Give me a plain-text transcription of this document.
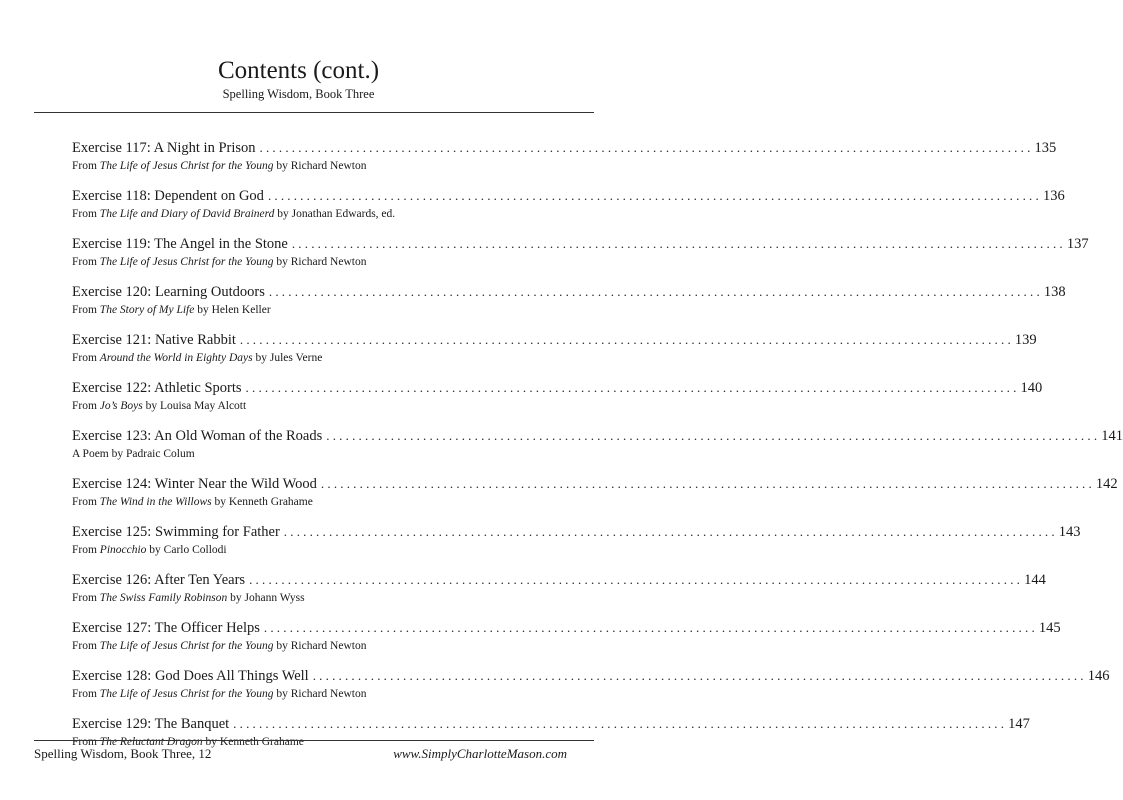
Contents (cont.)
Spelling Wisdom, Book Three
Exercise 117: A Night in Prison ........................................................................................................................ 135
From The Life of Jesus Christ for the Young by Richard Newton
Exercise 118: Dependent on God ........................................................................................................................ 136
From The Life and Diary of David Brainerd by Jonathan Edwards, ed.
Exercise 119: The Angel in the Stone ........................................................................................................................ 137
From The Life of Jesus Christ for the Young by Richard Newton
Exercise 120: Learning Outdoors ........................................................................................................................ 138
From The Story of My Life by Helen Keller
Exercise 121: Native Rabbit ........................................................................................................................ 139
From Around the World in Eighty Days by Jules Verne
Exercise 122: Athletic Sports ........................................................................................................................ 140
From Jo’s Boys by Louisa May Alcott
Exercise 123: An Old Woman of the Roads ........................................................................................................................ 141
A Poem by Padraic Colum
Exercise 124: Winter Near the Wild Wood ........................................................................................................................ 142
From The Wind in the Willows by Kenneth Grahame
Exercise 125: Swimming for Father ........................................................................................................................ 143
From Pinocchio by Carlo Collodi
Exercise 126: After Ten Years ........................................................................................................................ 144
From The Swiss Family Robinson by Johann Wyss
Exercise 127: The Officer Helps ........................................................................................................................ 145
From The Life of Jesus Christ for the Young by Richard Newton
Exercise 128: God Does All Things Well ........................................................................................................................ 146
From The Life of Jesus Christ for the Young by Richard Newton
Exercise 129: The Banquet ........................................................................................................................ 147
From The Reluctant Dragon by Kenneth Grahame
Spelling Wisdom, Book Three, 12	www.SimplyCharlotteMason.com
